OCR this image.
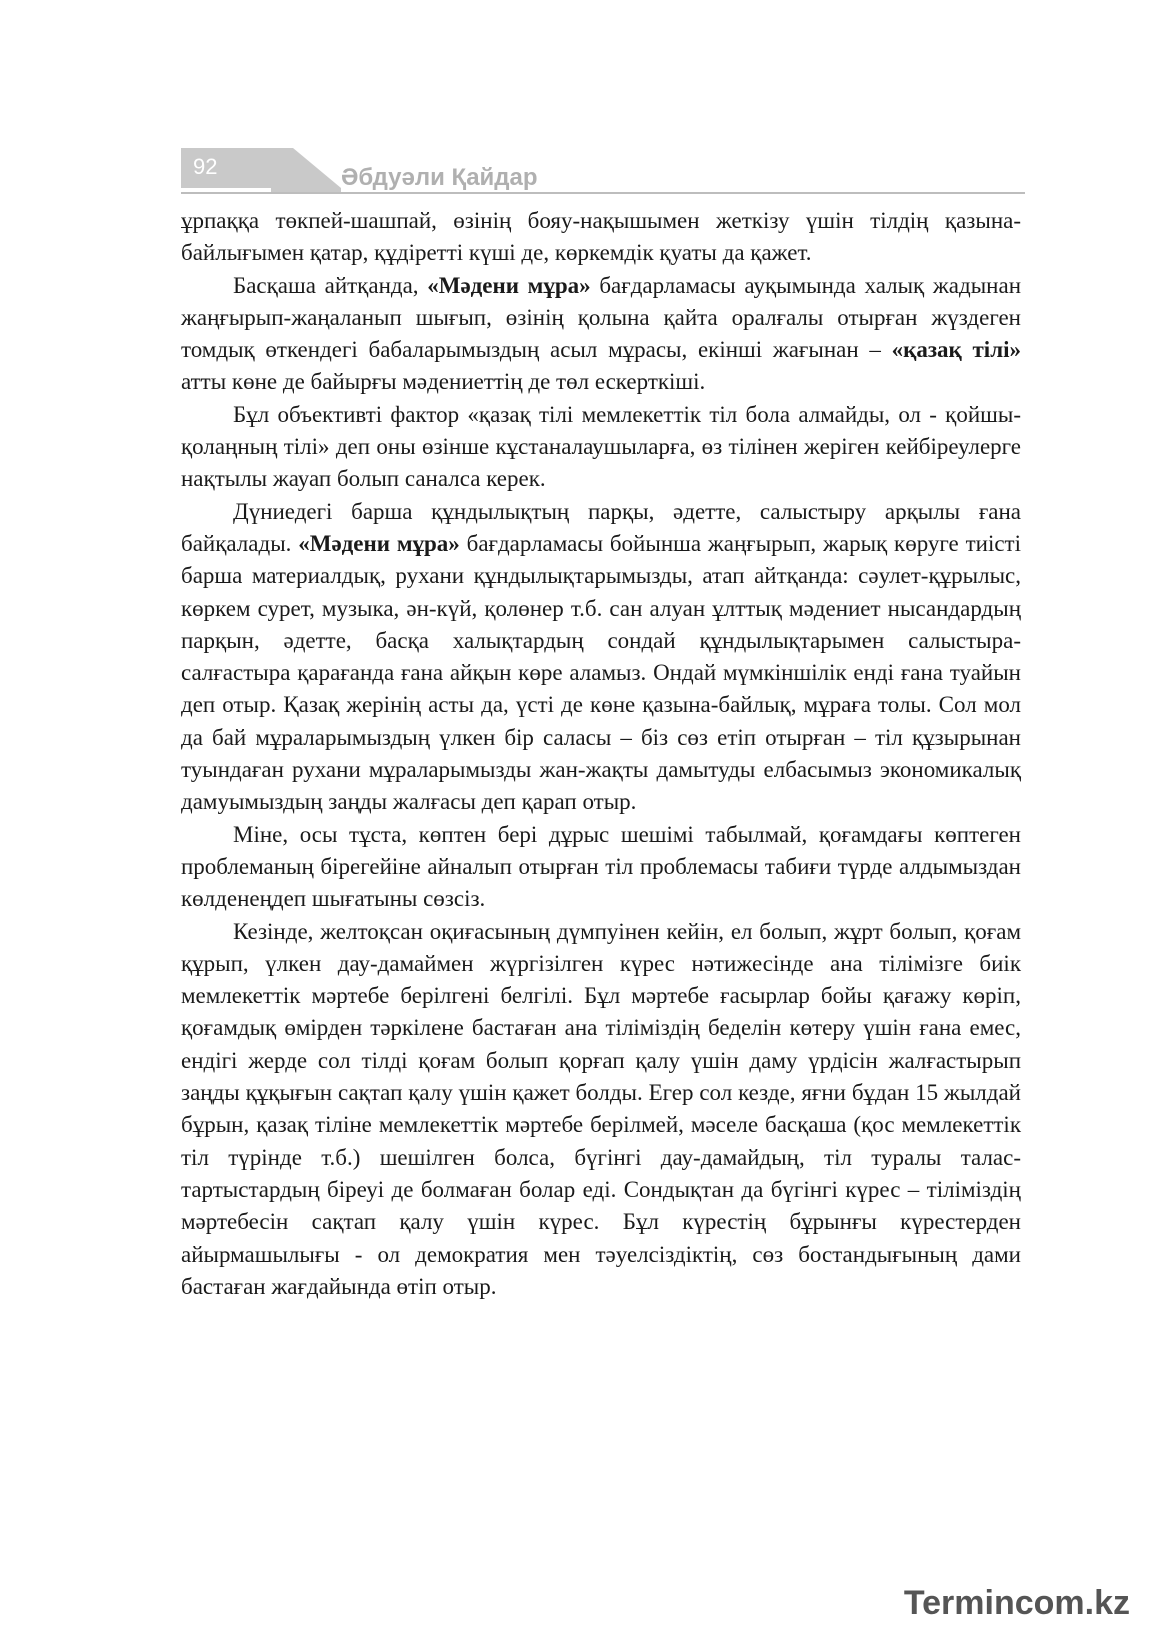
92	Әбдуәли Қайдар

ұрпаққа төкпей-шашпай, өзінің бояу-нақышымен жеткізу үшін тілдің қазына-байлығымен қатар, құдіретті күші де, көркемдік қуаты да қажет.

Басқаша айтқанда, «Мәдени мұра» бағдарламасы ауқымында халық жадынан жаңғырып-жаңаланып шығып, өзінің қолына қайта оралғалы отырған жүздеген томдық өткендегі бабаларымыздың асыл мұрасы, екінші жағынан – «қазақ тілі» атты көне де байырғы мәдениеттің де төл ескерткіші.

Бұл объективті фактор «қазақ тілі мемлекеттік тіл бола алмайды, ол - қойшы-қолаңның тілі» деп оны өзінше кұстаналаушыларға, өз тілінен жеріген кейбіреулерге нақтылы жауап болып саналса керек.

Дүниедегі барша құндылықтың парқы, әдетте, салыстыру арқылы ғана байқалады. «Мәдени мұра» бағдарламасы бойынша жаңғырып, жарық көруге тиісті барша материалдық, рухани құндылықтарымызды, атап айтқанда: сәулет-құрылыс, көркем сурет, музыка, ән-күй, қолөнер т.б. сан алуан ұлттық мәдениет нысандардың парқын, әдетте, басқа халықтардың сондай құндылықтарымен салыстыра-салғастыра қарағанда ғана айқын көре аламыз. Ондай мүмкіншілік енді ғана туайын деп отыр. Қазақ жерінің асты да, үсті де көне қазына-байлық, мұраға толы. Сол мол да бай мұраларымыздың үлкен бір саласы – біз сөз етіп отырған – тіл құзырынан туындаған рухани мұраларымызды жан-жақты дамытуды елбасымыз экономикалық дамуымыздың заңды жалғасы деп қарап отыр.

Міне, осы тұста, көптен бері дұрыс шешімі табылмай, қоғамдағы көптеген проблеманың бірегейіне айналып отырған тіл проблемасы табиғи түрде алдымыздан көлденеңдеп шығатыны сөзсіз.

Кезінде, желтоқсан оқиғасының дүмпуінен кейін, ел болып, жұрт болып, қоғам құрып, үлкен дау-дамаймен жүргізілген күрес нәтижесінде ана тілімізге биік мемлекеттік мәртебе берілгені белгілі. Бұл мәртебе ғасырлар бойы қағажу көріп, қоғамдық өмірден тәркілене бастаған ана тіліміздің беделін көтеру үшін ғана емес, ендігі жерде сол тілді қоғам болып қорғап қалу үшін даму үрдісін жалғастырып заңды құқығын сақтап қалу үшін қажет болды. Егер сол кезде, яғни бұдан 15 жылдай бұрын, қазақ тіліне мемлекеттік мәртебе берілмей, мәселе басқаша (қос мемлекеттік тіл түрінде т.б.) шешілген болса, бүгінгі дау-дамайдың, тіл туралы талас-тартыстардың біреуі де болмаған болар еді. Сондықтан да бүгінгі күрес – тіліміздің мәртебесін сақтап қалу үшін күрес. Бұл күрестің бұрынғы күрестерден айырмашылығы - ол демократия мен тәуелсіздіктің, сөз бостандығының дами бастаған жағдайында өтіп отыр.

Termincom.kz
